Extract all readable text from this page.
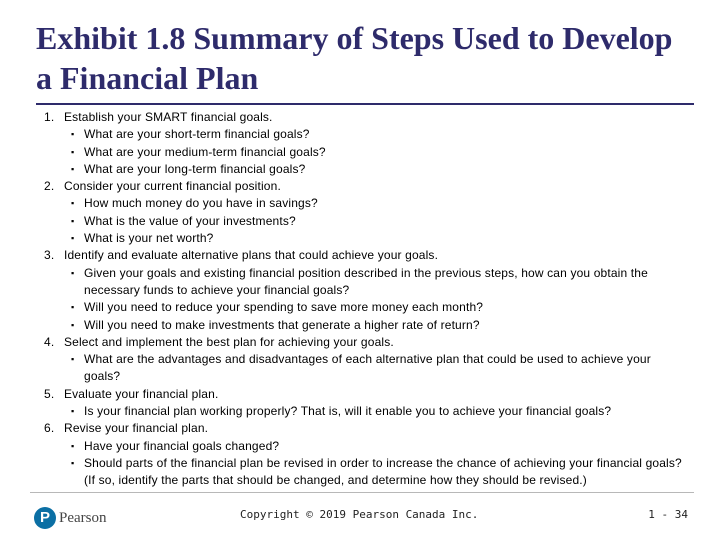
Exhibit 1.8 Summary of Steps Used to Develop a Financial Plan
1. Establish your SMART financial goals.
▪ What are your short-term financial goals?
▪ What are your medium-term financial goals?
▪ What are your long-term financial goals?
2. Consider your current financial position.
▪ How much money do you have in savings?
▪ What is the value of your investments?
▪ What is your net worth?
3. Identify and evaluate alternative plans that could achieve your goals.
▪ Given your goals and existing financial position described in the previous steps, how can you obtain the necessary funds to achieve your financial goals?
▪ Will you need to reduce your spending to save more money each month?
▪ Will you need to make investments that generate a higher rate of return?
4. Select and implement the best plan for achieving your goals.
▪ What are the advantages and disadvantages of each alternative plan that could be used to achieve your goals?
5. Evaluate your financial plan.
▪ Is your financial plan working properly? That is, will it enable you to achieve your financial goals?
6. Revise your financial plan.
▪ Have your financial goals changed?
▪ Should parts of the financial plan be revised in order to increase the chance of achieving your financial goals? (If so, identify the parts that should be changed, and determine how they should be revised.)
P Pearson	Copyright © 2019 Pearson Canada Inc.	1 - 34
